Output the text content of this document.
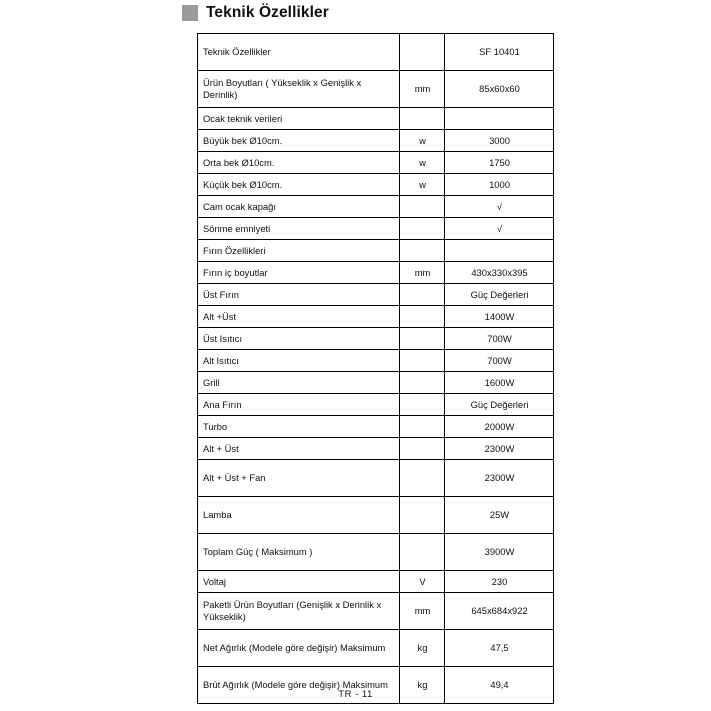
Teknik Özellikler
Teknik Özellikler		SF 10401
Ürün Boyutları ( Yükseklik x Genişlik x Derinlik)	mm	85x60x60
Ocak teknik verileri		
Büyük bek Ø10cm.	w	3000
Orta bek Ø10cm.	w	1750
Küçük bek Ø10cm.	w	1000
Cam ocak kapağı		√
Sönme emniyeti		√
Fırın Özellikleri		
Fırın iç boyutlar	mm	430x330x395
Üst Fırın		Güç Değerleri
Alt +Üst		1400W
Üst Isıtıcı		700W
Alt Isıtıcı		700W
Grill		1600W
Ana Fırın		Güç Değerleri
Turbo		2000W
Alt + Üst		2300W
Alt + Üst + Fan		2300W
Lamba		25W
Toplam Güç ( Maksimum )		3900W
Voltaj	V	230
Paketli Ürün Boyutları (Genişlik x Derinlik x Yükseklik)	mm	645x684x922
Net Ağırlık (Modele göre değişir) Maksimum	kg	47,5
Brüt Ağırlık (Modele göre değişir) Maksimum	kg	49,4
TR - 11
